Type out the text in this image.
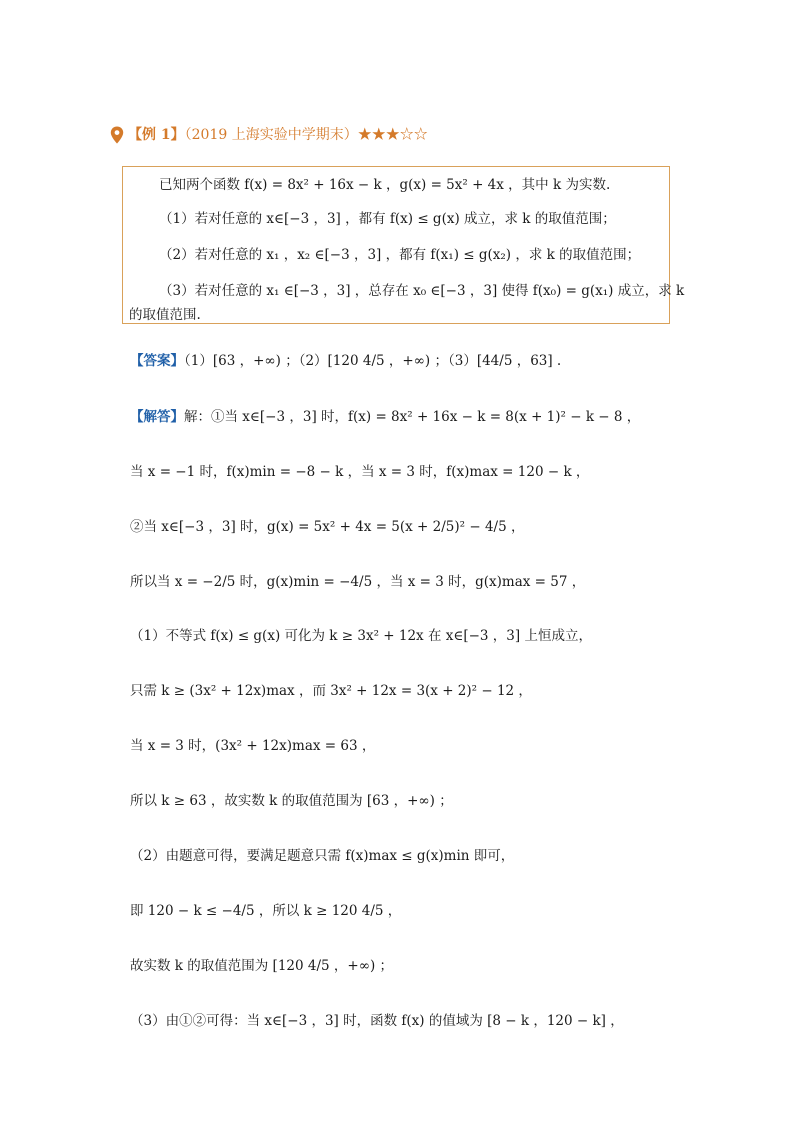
【例 1】（2019 上海实验中学期末）★★★☆☆
已知两个函数 f(x) = 8x² + 16x − k ，g(x) = 5x² + 4x ，其中 k 为实数.
（1）若对任意的 x∈[−3 ，3] ，都有 f(x) ≤ g(x) 成立，求 k 的取值范围；
（2）若对任意的 x₁ ，x₂ ∈[−3 ，3] ，都有 f(x₁) ≤ g(x₂) ，求 k 的取值范围；
（3）若对任意的 x₁ ∈[−3 ，3] ，总存在 x₀ ∈[−3 ，3] 使得 f(x₀) = g(x₁) 成立，求 k
的取值范围.
【答案】（1）[63 ，+∞) ；（2）[120 4/5 ，+∞) ；（3）[44/5 ，63] .
【解答】解：①当 x∈[−3 ，3] 时，f(x) = 8x² + 16x − k = 8(x + 1)² − k − 8 ，
当 x = −1 时，f(x)min = −8 − k ，当 x = 3 时，f(x)max = 120 − k ，
②当 x∈[−3 ，3] 时，g(x) = 5x² + 4x = 5(x + 2/5)² − 4/5 ，
所以当 x = −2/5 时，g(x)min = −4/5 ，当 x = 3 时，g(x)max = 57 ，
（1）不等式 f(x) ≤ g(x) 可化为 k ≥ 3x² + 12x 在 x∈[−3 ，3] 上恒成立，
只需 k ≥ (3x² + 12x)max ，而 3x² + 12x = 3(x + 2)² − 12 ，
当 x = 3 时，(3x² + 12x)max = 63 ，
所以 k ≥ 63 ，故实数 k 的取值范围为 [63 ，+∞) ；
（2）由题意可得，要满足题意只需 f(x)max ≤ g(x)min 即可，
即 120 − k ≤ −4/5 ，所以 k ≥ 120 4/5 ，
故实数 k 的取值范围为 [120 4/5 ，+∞) ；
（3）由①②可得：当 x∈[−3 ，3] 时，函数 f(x) 的值域为 [8 − k ，120 − k] ，
